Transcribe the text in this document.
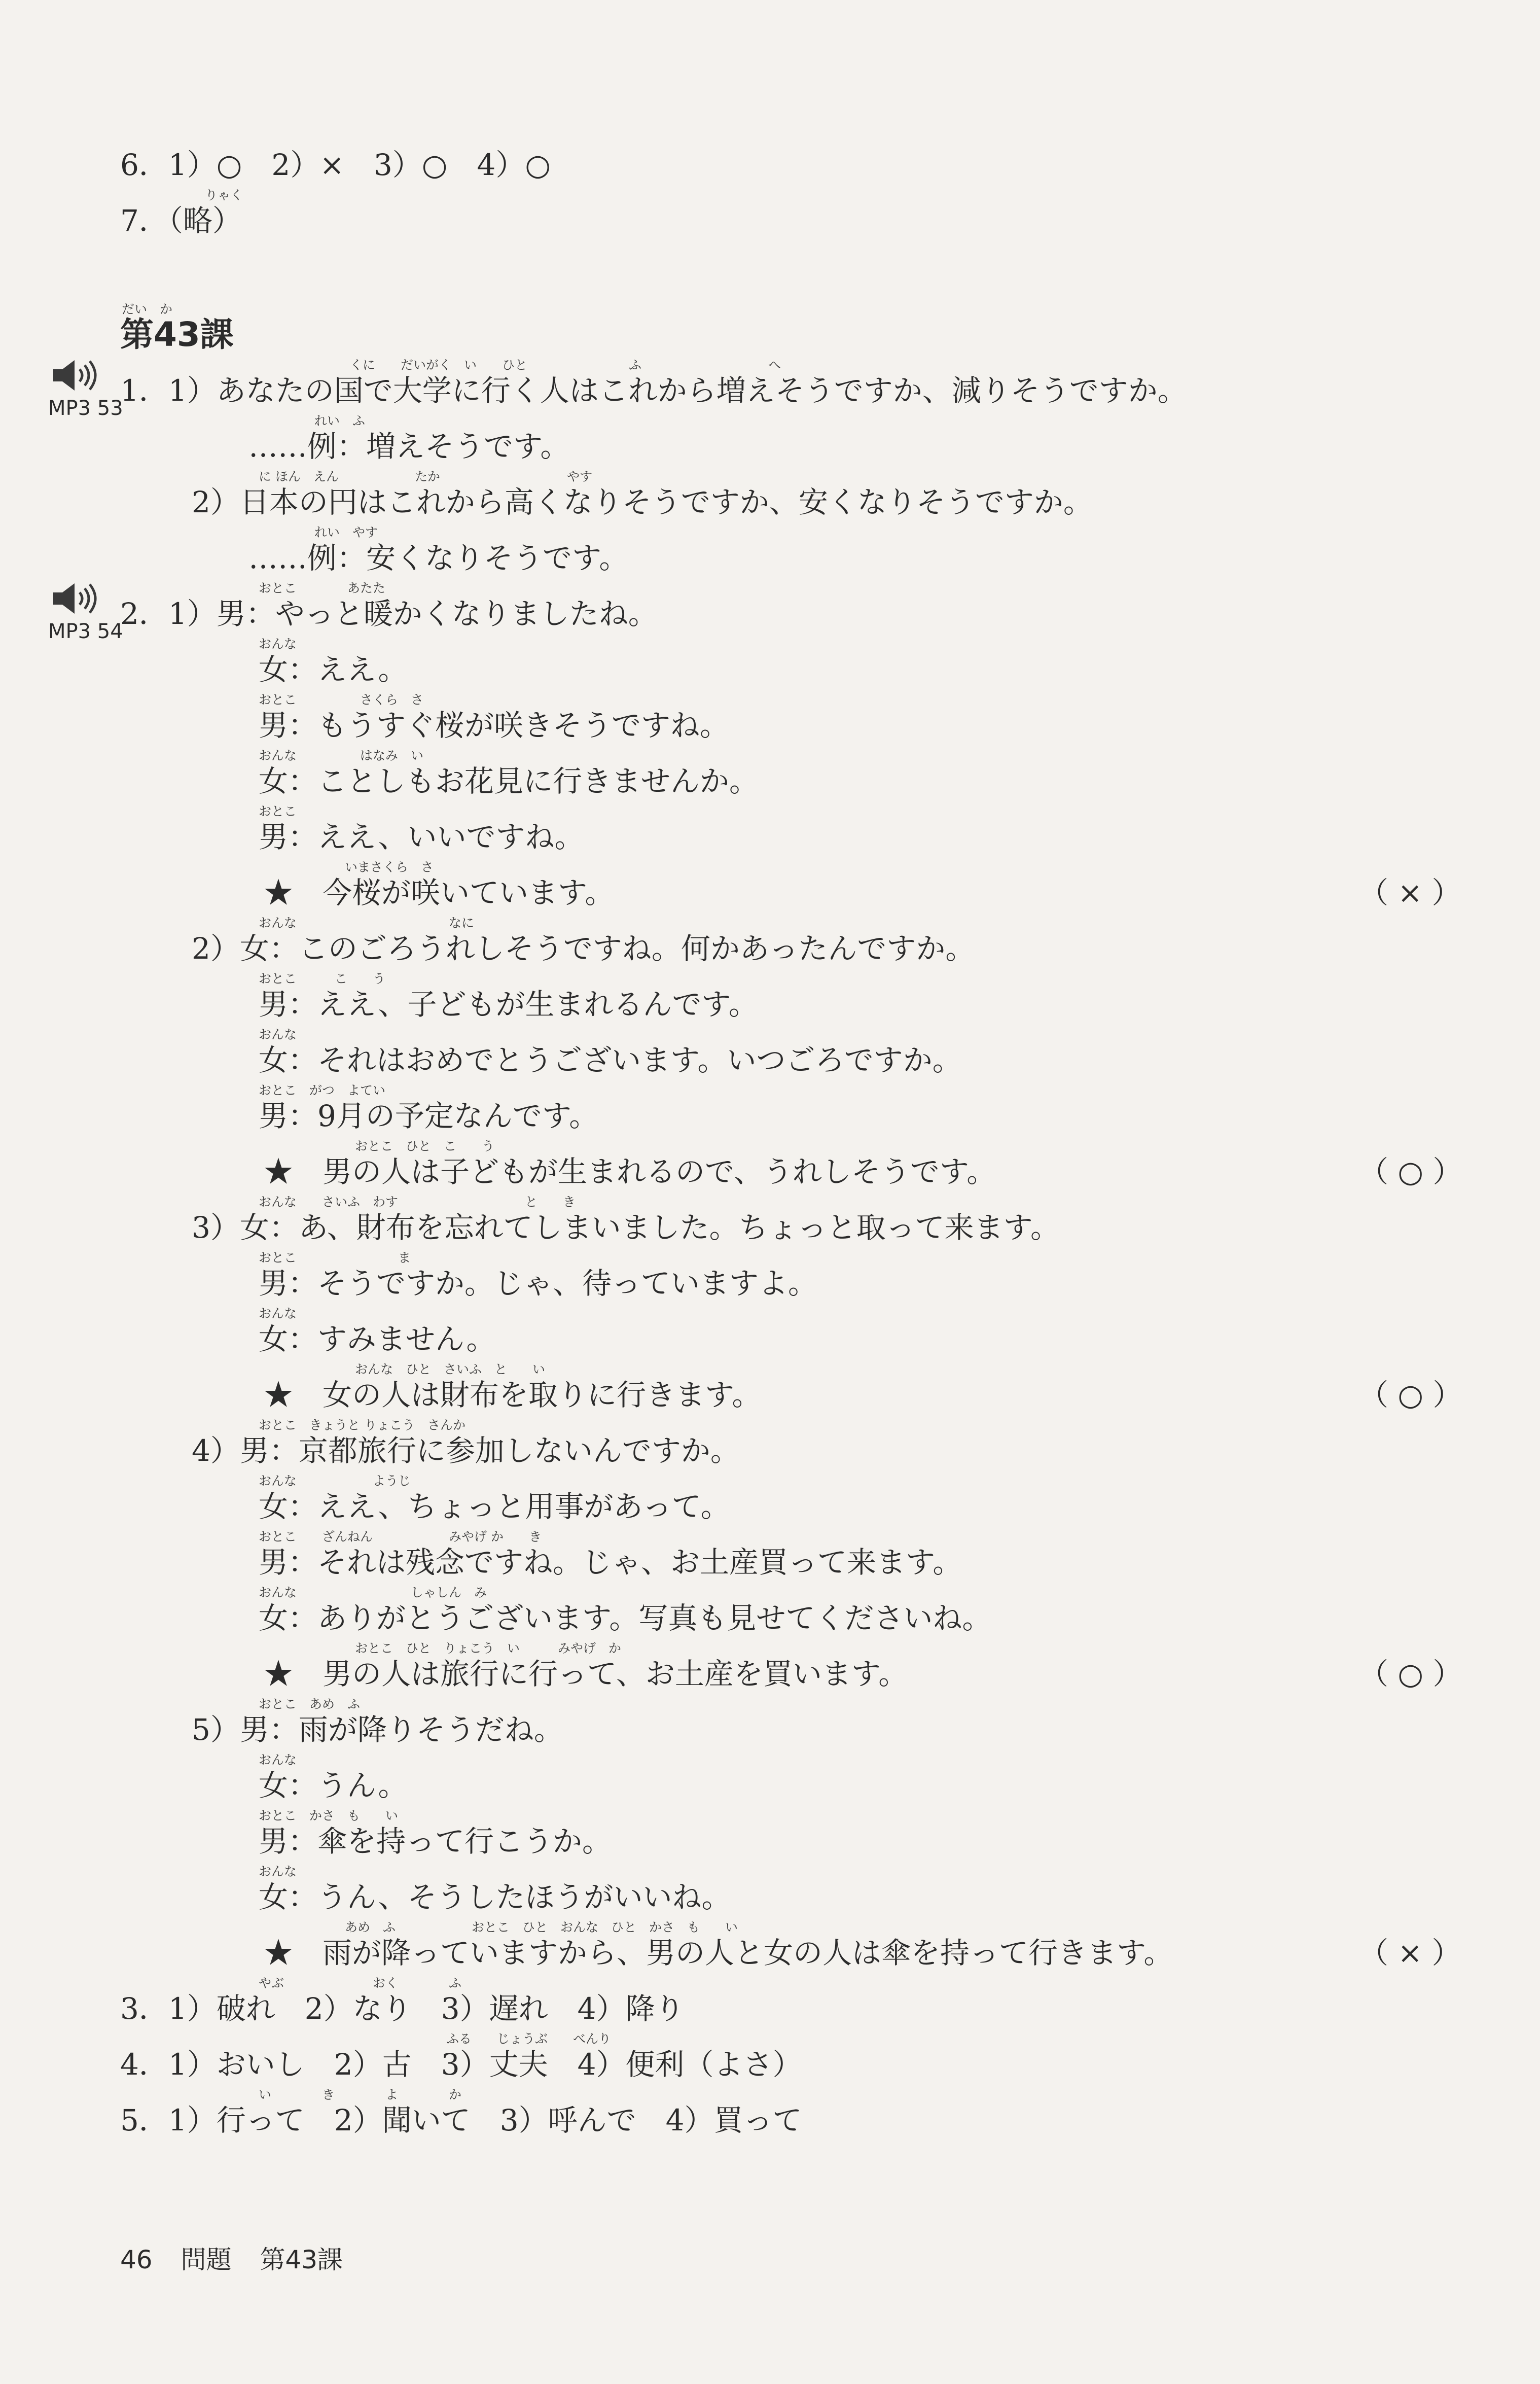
6．1）○　2）×　3）○　4）○
りゃく
7．（略）
だい　か
第43課
MP3 53
くに　　だいがく　い　　ひと　　　　　　　　ふ　　　　　　　　　　へ
1．1）あなたの国で大学に行く人はこれから増えそうですか、減りそうですか。
れい　ふ
……例：増えそうです。
に ほん　えん　　　　　　たか　　　　　　　　　　やす
2）日本の円はこれから高くなりそうですか、安くなりそうですか。
れい　やす
……例：安くなりそうです。
MP3 54
おとこ　　　　あたた
2．1）男：やっと暖かくなりましたね。
おんな
女：ええ。
おとこ　　　　　さくら　さ
男：もうすぐ桜が咲きそうですね。
おんな　　　　　はなみ　い
女：ことしもお花見に行きませんか。
おとこ
男：ええ、いいですね。
いまさくら　さ
★　今桜が咲いています。	（ × ）
おんな　　　　　　　　　　　　なに
2）女：このごろうれしそうですね。何かあったんですか。
おとこ　　　こ　　う
男：ええ、子どもが生まれるんです。
おんな
女：それはおめでとうございます。いつごろですか。
おとこ　がつ　よてい
男：9月の予定なんです。
おとこ　ひと　こ　　う
★　男の人は子どもが生まれるので、うれしそうです。	（ ○ ）
おんな　　さいふ　わす　　　　　　　　　　と　　き
3）女：あ、財布を忘れてしまいました。ちょっと取って来ます。
おとこ　　　　　　　　ま
男：そうですか。じゃ、待っていますよ。
おんな
女：すみません。
おんな　ひと　さいふ　と　　い
★　女の人は財布を取りに行きます。	（ ○ ）
おとこ　きょうと りょこう　さんか
4）男：京都旅行に参加しないんですか。
おんな　　　　　　ようじ
女：ええ、ちょっと用事があって。
おとこ　　ざんねん　　　　　　みやげ か　　き
男：それは残念ですね。じゃ、お土産買って来ます。
おんな　　　　　　　　　しゃしん　み
女：ありがとうございます。写真も見せてくださいね。
おとこ　ひと　りょこう　い　　　みやげ　か
★　男の人は旅行に行って、お土産を買います。	（ ○ ）
おとこ　あめ　ふ
5）男：雨が降りそうだね。
おんな
女：うん。
おとこ　かさ　も　　い
男：傘を持って行こうか。
おんな
女：うん、そうしたほうがいいね。
あめ　ふ　　　　　　おとこ　ひと　おんな　ひと　かさ　も　　い
★　雨が降っていますから、男の人と女の人は傘を持って行きます。	（ × ）
やぶ　　　　　　　おく　　　　ふ
3．1）破れ　2）なり　3）遅れ　4）降り
ふる　　じょうぶ　　べんり
4．1）おいし　2）古　3）丈夫　4）便利（よさ）
い　　　　き　　　　よ　　　　か
5．1）行って　2）聞いて　3）呼んで　4）買って
46 問題 第43課
